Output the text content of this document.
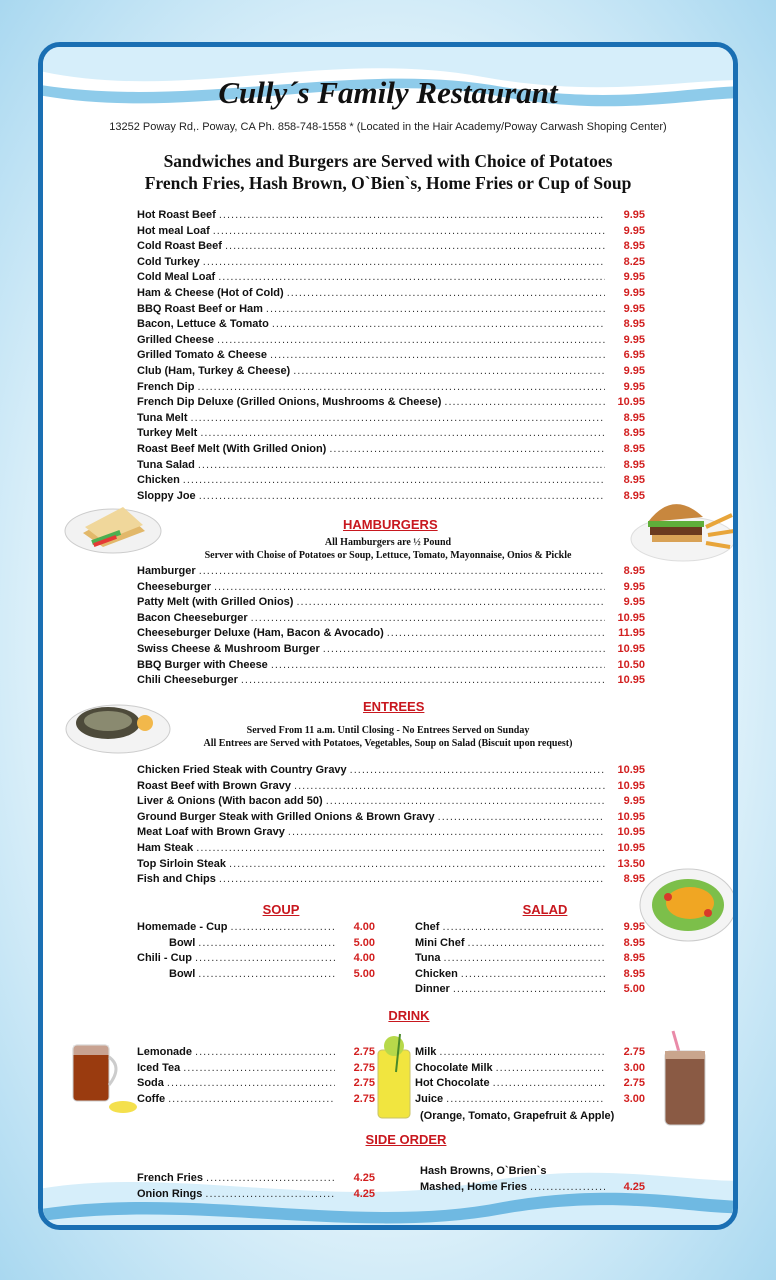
Cully´s Family Restaurant
13252 Poway Rd,. Poway, CA Ph. 858-748-1558 * (Located in the Hair Academy/Poway Carwash Shoping Center)
Sandwiches and Burgers are Served with Choice of Potatoes
French Fries, Hash Brown, O`Bien`s, Home Fries or Cup of Soup
Hot Roast Beef .....	9.95
Hot meal Loaf .....	9.95
Cold Roast Beef .....	8.95
Cold Turkey .....	8.25
Cold Meal Loaf .....	9.95
Ham & Cheese (Hot of Cold) .....	9.95
BBQ Roast Beef or Ham .....	9.95
Bacon, Lettuce & Tomato .....	8.95
Grilled Cheese .....	9.95
Grilled Tomato & Cheese .....	6.95
Club (Ham, Turkey & Cheese) .....	9.95
French Dip .....	9.95
French Dip Deluxe (Grilled Onions, Mushrooms & Cheese) .....	10.95
Tuna Melt .....	8.95
Turkey Melt .....	8.95
Roast Beef Melt (With Grilled Onion) .....	8.95
Tuna Salad .....	8.95
Chicken .....	8.95
Sloppy Joe .....	8.95
HAMBURGERS
All Hamburgers are ½ Pound
Server with Choise of Potatoes or Soup, Lettuce, Tomato, Mayonnaise, Onios & Pickle
Hamburger .....	8.95
Cheeseburger .....	9.95
Patty Melt (with Grilled Onios) .....	9.95
Bacon Cheeseburger .....	10.95
Cheeseburger Deluxe (Ham, Bacon & Avocado) .....	11.95
Swiss Cheese & Mushroom Burger .....	10.95
BBQ Burger with Cheese .....	10.50
Chili Cheeseburger .....	10.95
ENTREES
Served From 11 a.m. Until Closing - No Entrees Served on Sunday
All Entrees are Served with Potatoes, Vegetables, Soup on Salad (Biscuit upon request)
Chicken Fried Steak with Country Gravy .....	10.95
Roast Beef with Brown Gravy .....	10.95
Liver & Onions (With bacon add 50) .....	9.95
Ground Burger Steak with Grilled Onions & Brown Gravy .....	10.95
Meat Loaf with Brown Gravy .....	10.95
Ham Steak .....	10.95
Top Sirloin Steak .....	13.50
Fish and Chips .....	8.95
SOUP	SALAD
Homemade - Cup .....	4.00
Bowl .....	5.00
Chili - Cup .....	4.00
Bowl .....	5.00
Chef .....	9.95
Mini Chef .....	8.95
Tuna .....	8.95
Chicken .....	8.95
Dinner .....	5.00
DRINK
Lemonade .....	2.75
Iced Tea .....	2.75
Soda .....	2.75
Coffe .....	2.75
Milk .....	2.75
Chocolate Milk .....	3.00
Hot Chocolate .....	2.75
Juice .....	3.00
(Orange, Tomato, Grapefruit & Apple)
SIDE ORDER
French Fries .....	4.25
Onion Rings .....	4.25
Hash Browns, O`Brien`s
Mashed, Home Fries .....	4.25
